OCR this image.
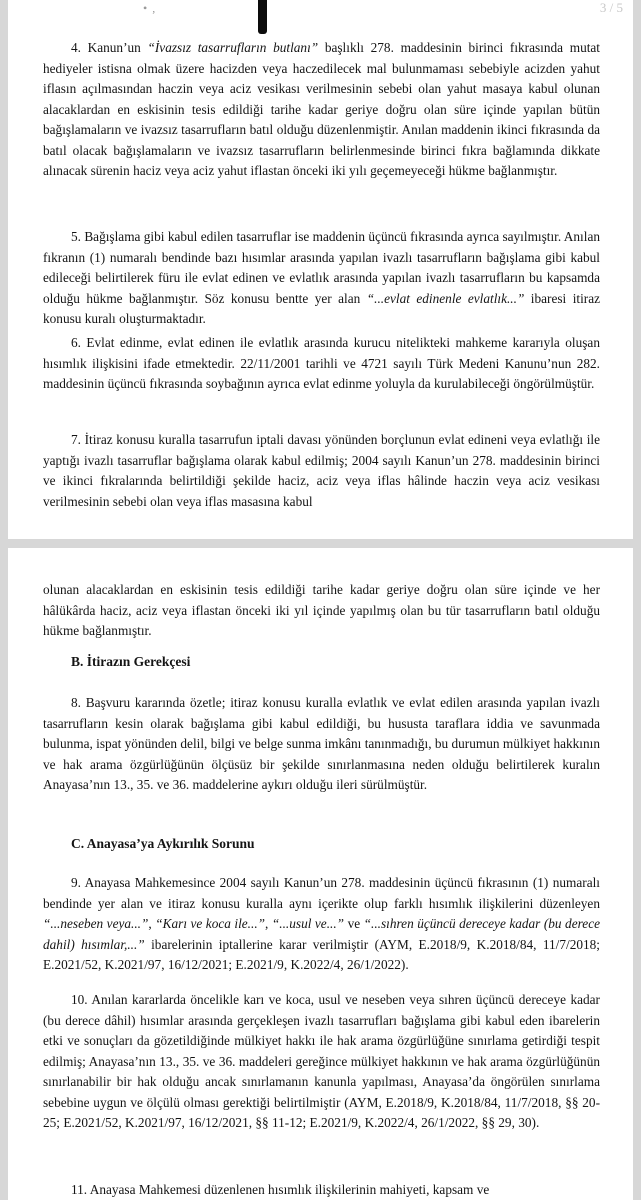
• ,	3 / 5

4. Kanun’un “İvazsız tasarrufların butlanı” başlıklı 278. maddesinin birinci fıkrasında mutat hediyeler istisna olmak üzere hacizden veya haczedilecek mal bulunmaması sebebiyle acizden yahut iflasın açılmasından haczin veya aciz vesikası verilmesinin sebebi olan yahut masaya kabul olunan alacaklardan en eskisinin tesis edildiği tarihe kadar geriye doğru olan süre içinde yapılan bütün bağışlamaların ve ivazsız tasarrufların batıl olduğu düzenlenmiştir. Anılan maddenin ikinci fıkrasında da batıl olacak bağışlamaların ve ivazsız tasarrufların belirlenmesinde birinci fıkra bağlamında dikkate alınacak sürenin haciz veya aciz yahut iflastan önceki iki yılı geçemeyeceği hükme bağlanmıştır.

5. Bağışlama gibi kabul edilen tasarruflar ise maddenin üçüncü fıkrasında ayrıca sayılmıştır. Anılan fıkranın (1) numaralı bendinde bazı hısımlar arasında yapılan ivazlı tasarrufların bağışlama gibi kabul edileceği belirtilerek füru ile evlat edinen ve evlatlık arasında yapılan ivazlı tasarrufların bu kapsamda olduğu hükme bağlanmıştır. Söz konusu bentte yer alan “...evlat edinenle evlatlık...” ibaresi itiraz konusu kuralı oluşturmaktadır.

6. Evlat edinme, evlat edinen ile evlatlık arasında kurucu nitelikteki mahkeme kararıyla oluşan hısımlık ilişkisini ifade etmektedir. 22/11/2001 tarihli ve 4721 sayılı Türk Medeni Kanunu’nun 282. maddesinin üçüncü fıkrasında soybağının ayrıca evlat edinme yoluyla da kurulabileceği öngörülmüştür.

7. İtiraz konusu kuralla tasarrufun iptali davası yönünden borçlunun evlat edineni veya evlatlığı ile yaptığı ivazlı tasarruflar bağışlama olarak kabul edilmiş; 2004 sayılı Kanun’un 278. maddesinin birinci ve ikinci fıkralarında belirtildiği şekilde haciz, aciz veya iflas hâlinde haczin veya aciz vesikası verilmesinin sebebi olan veya iflas masasına kabul

olunan alacaklardan en eskisinin tesis edildiği tarihe kadar geriye doğru olan süre içinde ve her hâlükârda haciz, aciz veya iflastan önceki iki yıl içinde yapılmış olan bu tür tasarrufların batıl olduğu hükme bağlanmıştır.

B. İtirazın Gerekçesi

8. Başvuru kararında özetle; itiraz konusu kuralla evlatlık ve evlat edilen arasında yapılan ivazlı tasarrufların kesin olarak bağışlama gibi kabul edildiği, bu hususta taraflara iddia ve savunmada bulunma, ispat yönünden delil, bilgi ve belge sunma imkânı tanınmadığı, bu durumun mülkiyet hakkının ve hak arama özgürlüğünün ölçüsüz bir şekilde sınırlanmasına neden olduğu belirtilerek kuralın Anayasa’nın 13., 35. ve 36. maddelerine aykırı olduğu ileri sürülmüştür.

C. Anayasa’ya Aykırılık Sorunu

9. Anayasa Mahkemesince 2004 sayılı Kanun’un 278. maddesinin üçüncü fıkrasının (1) numaralı bendinde yer alan ve itiraz konusu kuralla aynı içerikte olup farklı hısımlık ilişkilerini düzenleyen “...neseben veya...”, “Karı ve koca ile...”, “...usul ve...” ve “...sıhren üçüncü dereceye kadar (bu derece dahil) hısımlar,...” ibarelerinin iptallerine karar verilmiştir (AYM, E.2018/9, K.2018/84, 11/7/2018; E.2021/52, K.2021/97, 16/12/2021; E.2021/9, K.2022/4, 26/1/2022).

10. Anılan kararlarda öncelikle karı ve koca, usul ve neseben veya sıhren üçüncü dereceye kadar (bu derece dâhil) hısımlar arasında gerçekleşen ivazlı tasarrufları bağışlama gibi kabul eden ibarelerin etki ve sonuçları da gözetildiğinde mülkiyet hakkı ile hak arama özgürlüğüne sınırlama getirdiği tespit edilmiş; Anayasa’nın 13., 35. ve 36. maddeleri gereğince mülkiyet hakkının ve hak arama özgürlüğünün sınırlanabilir bir hak olduğu ancak sınırlamanın kanunla yapılması, Anayasa’da öngörülen sınırlama sebebine uygun ve ölçülü olması gerektiği belirtilmiştir (AYM, E.2018/9, K.2018/84, 11/7/2018, §§ 20-25; E.2021/52, K.2021/97, 16/12/2021, §§ 11-12; E.2021/9, K.2022/4, 26/1/2022, §§ 29, 30).

11. Anayasa Mahkemesi düzenlenen hısımlık ilişkilerinin mahiyeti, kapsam ve
